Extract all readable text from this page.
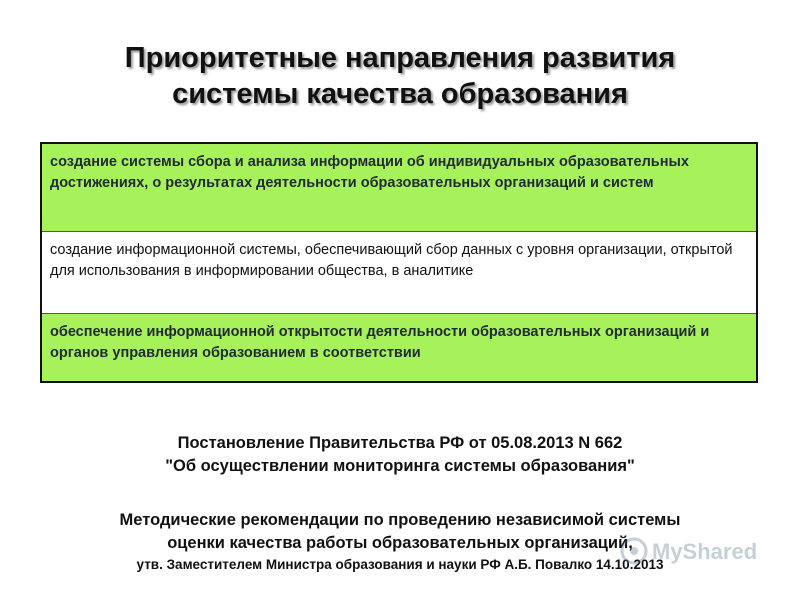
Приоритетные направления развития
системы качества образования
создание системы сбора и анализа информации об индивидуальных образовательных достижениях, о результатах деятельности образовательных организаций и систем
создание информационной системы, обеспечивающий сбор данных с уровня организации, открытой для использования в информировании общества, в аналитике
обеспечение информационной открытости деятельности образовательных организаций и органов управления образованием в соответствии
Постановление Правительства РФ от 05.08.2013 N 662
"Об осуществлении мониторинга системы образования"
Методические рекомендации по проведению независимой системы
оценки качества работы образовательных организаций,
утв. Заместителем Министра образования и науки РФ А.Б. Повалко 14.10.2013
MyShared
